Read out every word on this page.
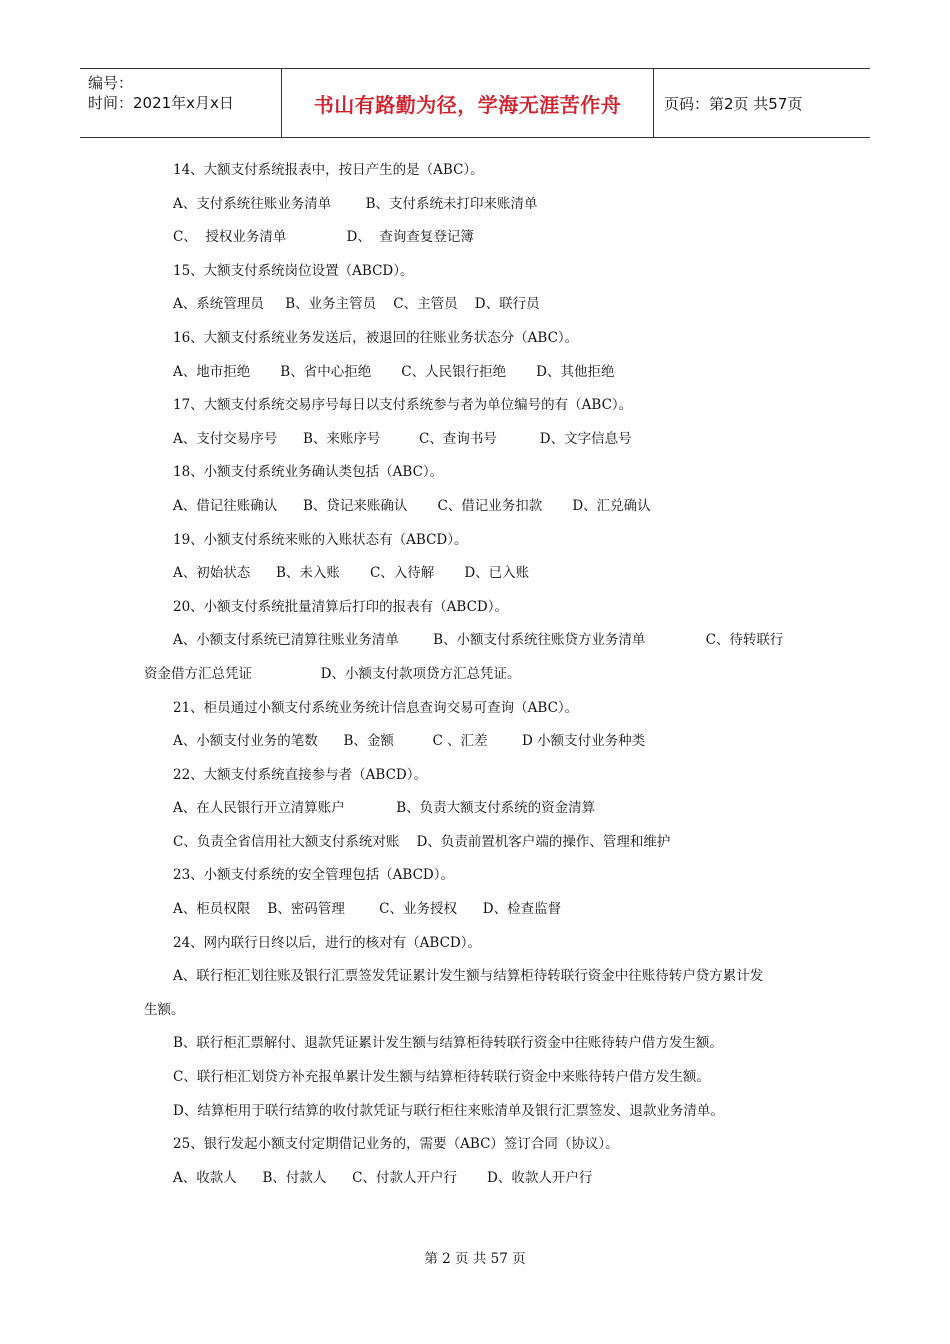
编号：
时间：2021年x月x日	书山有路勤为径，学海无涯苦作舟	页码：第2页 共57页
14、大额支付系统报表中，按日产生的是（ABC）。
A、支付系统往账业务清单        B、支付系统未打印来账清单
C、  授权业务清单              D、  查询查复登记簿
15、大额支付系统岗位设置（ABCD）。
A、系统管理员     B、业务主管员    C、主管员    D、联行员
16、大额支付系统业务发送后，被退回的往账业务状态分（ABC）。
A、地市拒绝       B、省中心拒绝       C、人民银行拒绝       D、其他拒绝
17、大额支付系统交易序号每日以支付系统参与者为单位编号的有（ABC）。
A、支付交易序号      B、来账序号         C、查询书号          D、文字信息号
18、小额支付系统业务确认类包括（ABC）。
A、借记往账确认      B、贷记来账确认       C、借记业务扣款       D、汇兑确认
19、小额支付系统来账的入账状态有（ABCD）。
A、初始状态      B、未入账       C、入待解       D、已入账
20、小额支付系统批量清算后打印的报表有（ABCD）。
A、小额支付系统已清算往账业务清单        B、小额支付系统往账贷方业务清单              C、待转联行
资金借方汇总凭证                D、小额支付款项贷方汇总凭证。
21、柜员通过小额支付系统业务统计信息查询交易可查询（ABC）。
A、小额支付业务的笔数      B、金额         C 、汇差        D 小额支付业务种类
22、大额支付系统直接参与者（ABCD）。
A、在人民银行开立清算账户            B、负责大额支付系统的资金清算
C、负责全省信用社大额支付系统对账    D、负责前置机客户端的操作、管理和维护
23、小额支付系统的安全管理包括（ABCD）。
A、柜员权限    B、密码管理        C、业务授权      D、检查监督
24、网内联行日终以后，进行的核对有（ABCD）。
A、联行柜汇划往账及银行汇票签发凭证累计发生额与结算柜待转联行资金中往账待转户贷方累计发
生额。
B、联行柜汇票解付、退款凭证累计发生额与结算柜待转联行资金中往账待转户借方发生额。
C、联行柜汇划贷方补充报单累计发生额与结算柜待转联行资金中来账待转户借方发生额。
D、结算柜用于联行结算的收付款凭证与联行柜往来账清单及银行汇票签发、退款业务清单。
25、银行发起小额支付定期借记业务的，需要（ABC）签订合同（协议）。
A、收款人      B、付款人      C、付款人开户行       D、收款人开户行
第 2 页 共 57 页
